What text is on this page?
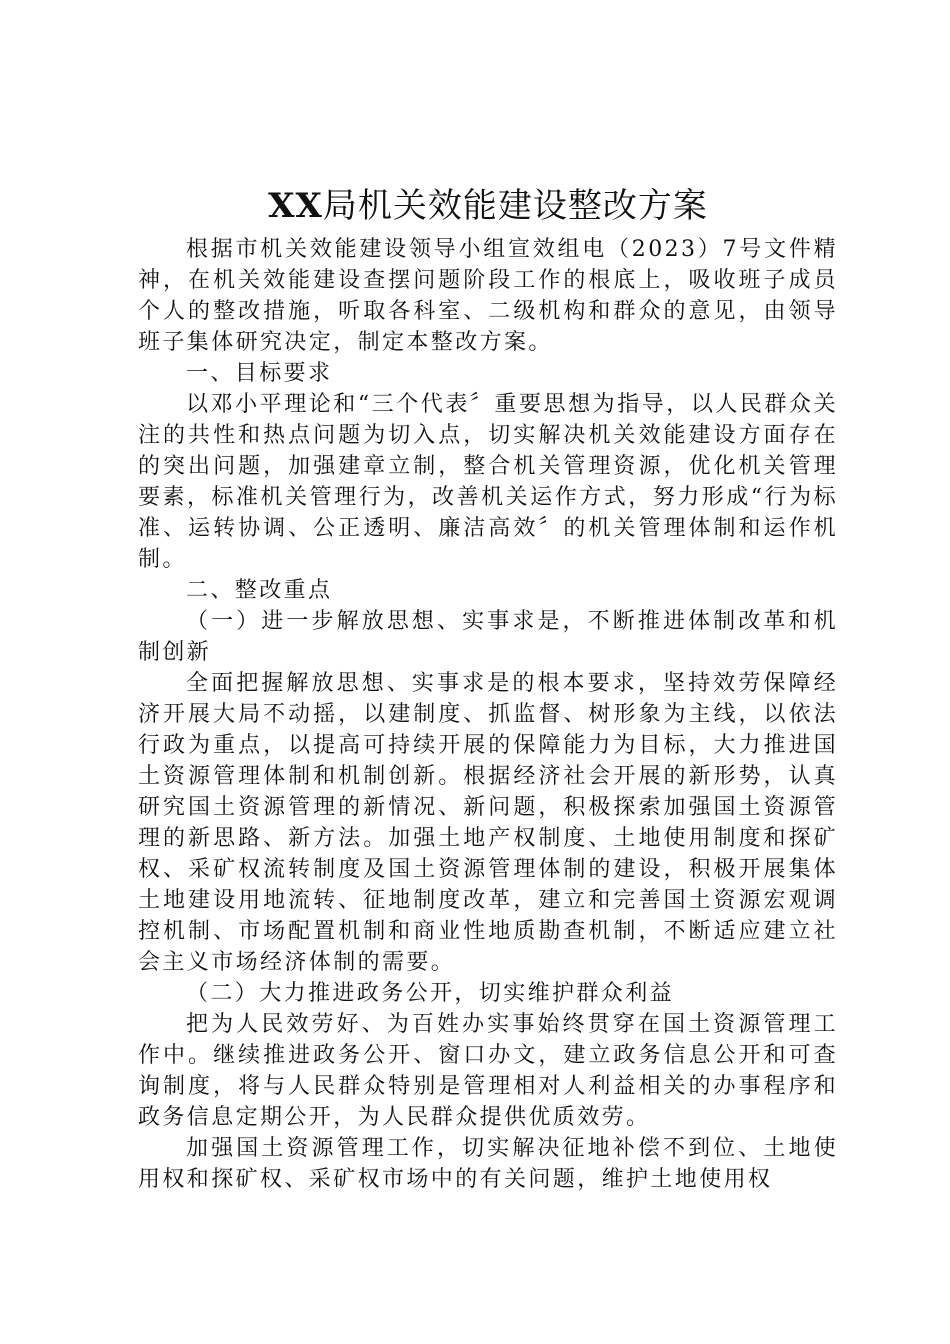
XX局机关效能建设整改方案

根据市机关效能建设领导小组宣效组电（2023）7号文件精神，在机关效能建设查摆问题阶段工作的根底上，吸收班子成员个人的整改措施，听取各科室、二级机构和群众的意见，由领导班子集体研究决定，制定本整改方案。

一、目标要求

以邓小平理论和“三个代表〞重要思想为指导，以人民群众关注的共性和热点问题为切入点，切实解决机关效能建设方面存在的突出问题，加强建章立制，整合机关管理资源，优化机关管理要素，标准机关管理行为，改善机关运作方式，努力形成“行为标准、运转协调、公正透明、廉洁高效〞的机关管理体制和运作机制。

二、整改重点

（一）进一步解放思想、实事求是，不断推进体制改革和机制创新

全面把握解放思想、实事求是的根本要求，坚持效劳保障经济开展大局不动摇，以建制度、抓监督、树形象为主线，以依法行政为重点，以提高可持续开展的保障能力为目标，大力推进国土资源管理体制和机制创新。根据经济社会开展的新形势，认真研究国土资源管理的新情况、新问题，积极探索加强国土资源管理的新思路、新方法。加强土地产权制度、土地使用制度和探矿权、采矿权流转制度及国土资源管理体制的建设，积极开展集体土地建设用地流转、征地制度改革，建立和完善国土资源宏观调控机制、市场配置机制和商业性地质勘查机制，不断适应建立社会主义市场经济体制的需要。

（二）大力推进政务公开，切实维护群众利益

把为人民效劳好、为百姓办实事始终贯穿在国土资源管理工作中。继续推进政务公开、窗口办文，建立政务信息公开和可查询制度，将与人民群众特别是管理相对人利益相关的办事程序和政务信息定期公开，为人民群众提供优质效劳。

加强国土资源管理工作，切实解决征地补偿不到位、土地使用权和探矿权、采矿权市场中的有关问题，维护土地使用权
